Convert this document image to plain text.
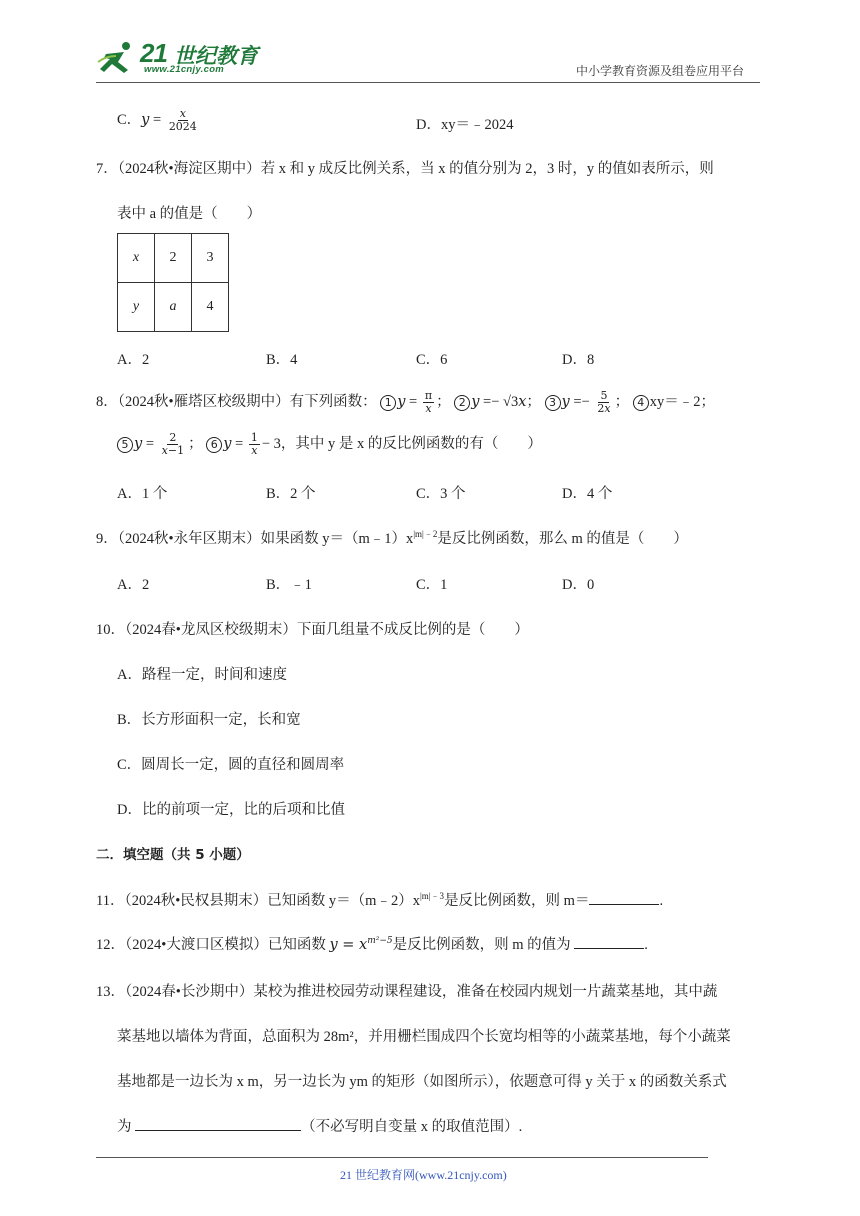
21 世纪教育
www.21cnjy.com	中小学教育资源及组卷应用平台
C．$y = \frac{x}{2024}$	D．xy＝﹣2024
7．（2024秋•海淀区期中）若 x 和 y 成反比例关系，当 x 的值分别为 2，3 时，y 的值如表所示，则
表中 a 的值是（　　）
x	2	3
y	a	4
A．2	B．4	C．6	D．8
8．（2024秋•雁塔区校级期中）有下列函数： 1 $y = \frac{\pi}{x}$ ； 2 y =− √3x； 3 $y =- \frac{5}{2x}$ ； 4 xy＝﹣2；
5 $y = \frac{2}{x-1}$ ； 6 $y = \frac{1}{x} - 3$，其中 y 是 x 的反比例函数的有（　　）
A．1 个	B．2 个	C．3 个	D．4 个
9．（2024秋•永年区期末）如果函数 $y=(m﹣1)x^{|m|﹣2}$是反比例函数，那么 m 的值是（　　）
A．2	B．﹣1	C．1	D．0
10．（2024春•龙凤区校级期末）下面几组量不成反比例的是（　　）
A．路程一定，时间和速度
B．长方形面积一定，长和宽
C．圆周长一定，圆的直径和圆周率
D．比的前项一定，比的后项和比值
二．填空题（共 5 小题）
11．（2024秋•民权县期末）已知函数 $y=(m﹣2)x^{|m|﹣3}$是反比例函数，则 m＝	.
12．（2024•大渡口区模拟）已知函数 $y = x^{m^2-5}$是反比例函数，则 m 的值为	.
13．（2024春•长沙期中）某校为推进校园劳动课程建设，准备在校园内规划一片蔬菜基地，其中蔬
菜基地以墙体为背面，总面积为 28m²，并用栅栏围成四个长宽均相等的小蔬菜基地，每个小蔬菜
基地都是一边长为 x m，另一边长为 ym 的矩形（如图所示），依题意可得 y 关于 x 的函数关系式
为	（不必写明自变量 x 的取值范围）.
21 世纪教育网(www.21cnjy.com)
